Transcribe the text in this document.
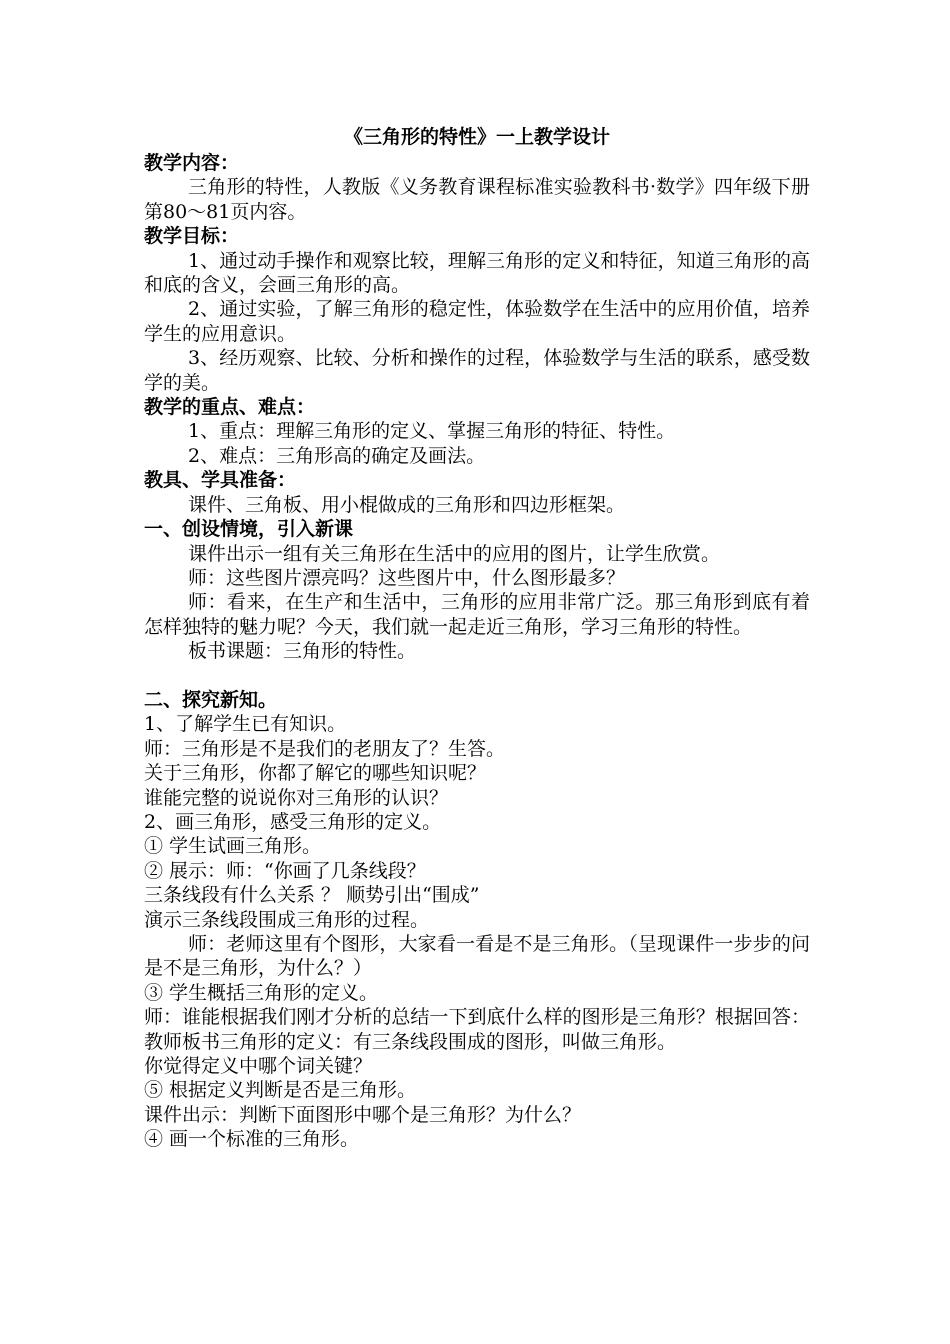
《三角形的特性》一上教学设计
教学内容：

三角形的特性，人教版《义务教育课程标准实验教科书·数学》四年级下册第80～81页内容。

教学目标：

1、通过动手操作和观察比较，理解三角形的定义和特征，知道三角形的高和底的含义，会画三角形的高。

2、通过实验，了解三角形的稳定性，体验数学在生活中的应用价值，培养学生的应用意识。

3、经历观察、比较、分析和操作的过程，体验数学与生活的联系，感受数学的美。

教学的重点、难点：

1、重点：理解三角形的定义、掌握三角形的特征、特性。

2、难点：三角形高的确定及画法。

教具、学具准备：

课件、三角板、用小棍做成的三角形和四边形框架。

一、创设情境，引入新课

课件出示一组有关三角形在生活中的应用的图片，让学生欣赏。

师：这些图片漂亮吗？这些图片中，什么图形最多？

师：看来，在生产和生活中，三角形的应用非常广泛。那三角形到底有着怎样独特的魅力呢？今天，我们就一起走近三角形，学习三角形的特性。

板书课题：三角形的特性。

二、探究新知。

1、了解学生已有知识。

师：三角形是不是我们的老朋友了？生答。

关于三角形，你都了解它的哪些知识呢？

谁能完整的说说你对三角形的认识？

2、画三角形，感受三角形的定义。

① 学生试画三角形。

② 展示：师：“你画了几条线段？

三条线段有什么关系 ？ 顺势引出“围成”

演示三条线段围成三角形的过程。

师：老师这里有个图形，大家看一看是不是三角形。（呈现课件一步步的问是不是三角形，为什么？）

③ 学生概括三角形的定义。

师：谁能根据我们刚才分析的总结一下到底什么样的图形是三角形？根据回答：教师板书三角形的定义：有三条线段围成的图形，叫做三角形。

你觉得定义中哪个词关键？

⑤ 根据定义判断是否是三角形。

课件出示：判断下面图形中哪个是三角形？为什么？

④ 画一个标准的三角形。
